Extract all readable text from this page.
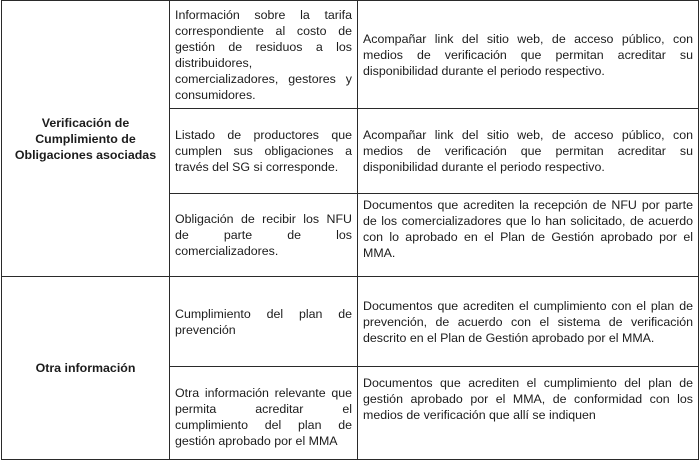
Verificación de
Cumplimiento de
Obligaciones asociadas	Información sobre la tarifa correspondiente al costo de gestión de residuos a los distribuidores, comercializadores, gestores y consumidores.	Acompañar link del sitio web, de acceso público, con medios de verificación que permitan acreditar su disponibilidad durante el periodo respectivo.
	Listado de productores que cumplen sus obligaciones a través del SG si corresponde.	Acompañar link del sitio web, de acceso público, con medios de verificación que permitan acreditar su disponibilidad durante el periodo respectivo.
	Obligación de recibir los NFU de parte de los comercializadores.	Documentos que acrediten la recepción de NFU por parte de los comercializadores que lo han solicitado, de acuerdo con lo aprobado en el Plan de Gestión aprobado por el MMA.

Otra información	Cumplimiento del plan de prevención	Documentos que acrediten el cumplimiento con el plan de prevención, de acuerdo con el sistema de verificación descrito en el Plan de Gestión aprobado por el MMA.
	Otra información relevante que permita acreditar el cumplimiento del plan de gestión aprobado por el MMA	Documentos que acrediten el cumplimiento del plan de gestión aprobado por el MMA, de conformidad con los medios de verificación que allí se indiquen
